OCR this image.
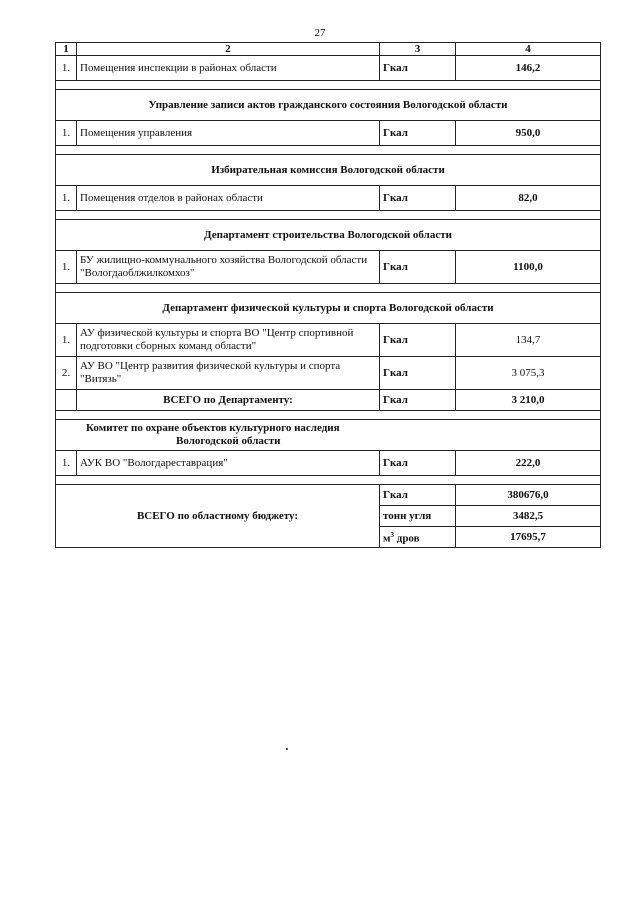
27
1	2	3	4
1.	Помещения инспекции в районах области	Гкал	146,2

Управление записи актов гражданского состояния Вологодской области			
1.	Помещения управления	Гкал	950,0

Избирательная комиссия Вологодской области			
1.	Помещения отделов в районах области	Гкал	82,0

Департамент строительства Вологодской области			
1.	БУ жилищно-коммунального хозяйства Вологодской области "Вологдаоблжилкомхоз"	Гкал	1100,0

Департамент физической культуры и спорта Вологодской области			
1.	АУ физической культуры и спорта ВО "Центр спортивной подготовки сборных команд области"	Гкал	134,7
2.	АУ ВО "Центр развития физической культуры и спорта "Витязь"	Гкал	3 075,3
	ВСЕГО по Департаменту:	Гкал	3 210,0

Комитет по охране объектов культурного наследия
Вологодской области			

1.	АУК ВО "Вологдареставрация"	Гкал	222,0

ВСЕГО по областному бюджету:		Гкал	380676,0
		тонн угля	3482,5
		$м^3$ дров	17695,7
